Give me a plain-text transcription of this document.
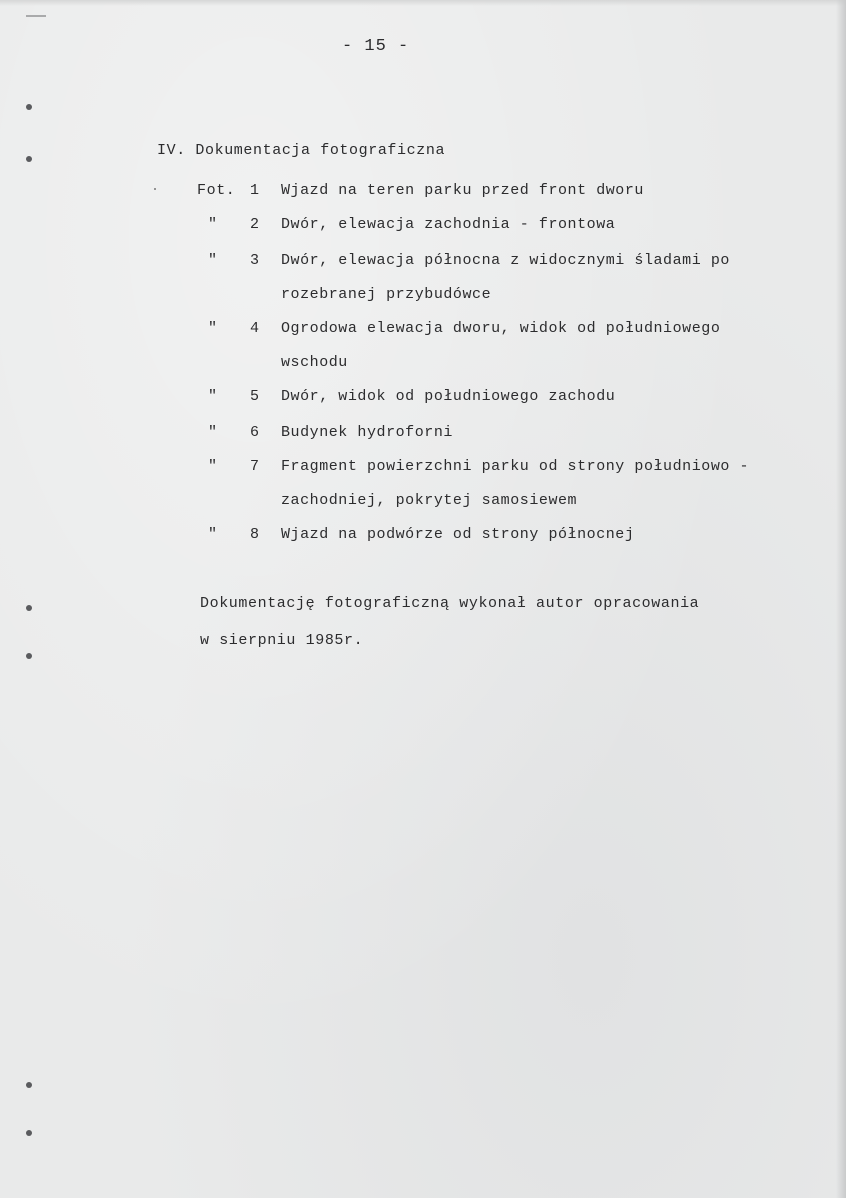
- 15 -
IV. Dokumentacja fotograficzna
Fot. 1 Wjazd na teren parku przed front dworu
" 2 Dwór, elewacja zachodnia - frontowa
" 3 Dwór, elewacja północna z widocznymi śladami po
rozebranej przybudówce
" 4 Ogrodowa elewacja dworu, widok od południowego
wschodu
" 5 Dwór, widok od południowego zachodu
" 6 Budynek hydroforni
" 7 Fragment powierzchni parku od strony południowo -
zachodniej, pokrytej samosiewem
" 8 Wjazd na podwórze od strony północnej
Dokumentację fotograficzną wykonał autor opracowania
w sierpniu 1985r.
